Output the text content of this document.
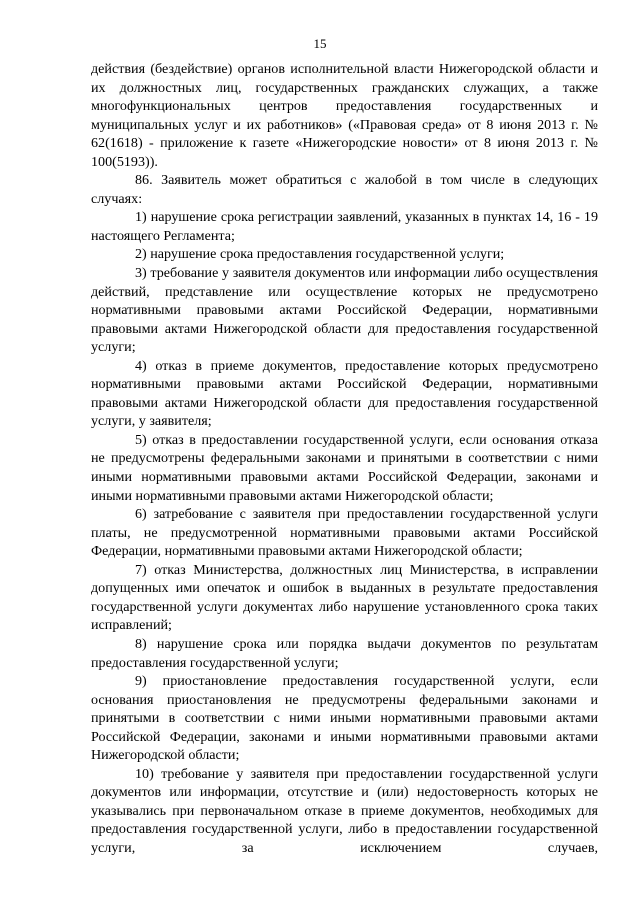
15

действия (бездействие) органов исполнительной власти Нижегородской области и их должностных лиц, государственных гражданских служащих, а также многофункциональных центров предоставления государственных и муниципальных услуг и их работников» («Правовая среда» от 8 июня 2013 г. № 62(1618) - приложение к газете «Нижегородские новости» от 8 июня 2013 г. № 100(5193)).

86. Заявитель может обратиться с жалобой в том числе в следующих случаях:

1) нарушение срока регистрации заявлений, указанных в пунктах 14, 16 - 19 настоящего Регламента;

2) нарушение срока предоставления государственной услуги;

3) требование у заявителя документов или информации либо осуществления действий, представление или осуществление которых не предусмотрено нормативными правовыми актами Российской Федерации, нормативными правовыми актами Нижегородской области для предоставления государственной услуги;

4) отказ в приеме документов, предоставление которых предусмотрено нормативными правовыми актами Российской Федерации, нормативными правовыми актами Нижегородской области для предоставления государственной услуги, у заявителя;

5) отказ в предоставлении государственной услуги, если основания отказа не предусмотрены федеральными законами и принятыми в соответствии с ними иными нормативными правовыми актами Российской Федерации, законами и иными нормативными правовыми актами Нижегородской области;

6) затребование с заявителя при предоставлении государственной услуги платы, не предусмотренной нормативными правовыми актами Российской Федерации, нормативными правовыми актами Нижегородской области;

7) отказ Министерства, должностных лиц Министерства, в исправлении допущенных ими опечаток и ошибок в выданных в результате предоставления государственной услуги документах либо нарушение установленного срока таких исправлений;

8) нарушение срока или порядка выдачи документов по результатам предоставления государственной услуги;

9) приостановление предоставления государственной услуги, если основания приостановления не предусмотрены федеральными законами и принятыми в соответствии с ними иными нормативными правовыми актами Российской Федерации, законами и иными нормативными правовыми актами Нижегородской области;

10) требование у заявителя при предоставлении государственной услуги документов или информации, отсутствие и (или) недостоверность которых не указывались при первоначальном отказе в приеме документов, необходимых для предоставления государственной услуги, либо в предоставлении государственной услуги, за исключением случаев,
